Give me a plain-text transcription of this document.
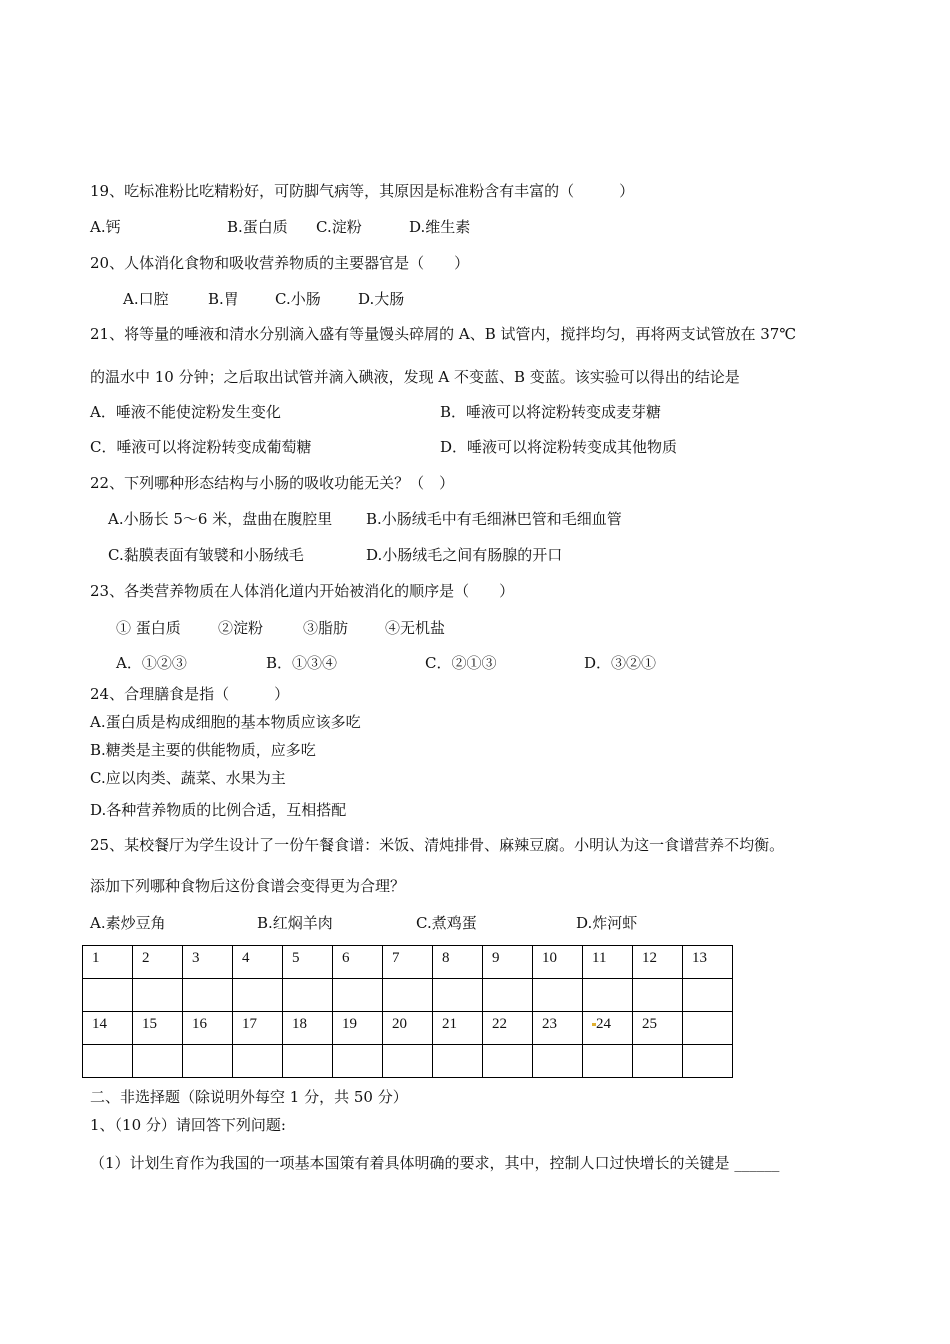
19、吃标准粉比吃精粉好，可防脚气病等，其原因是标准粉含有丰富的（　　　）
A.钙	B.蛋白质 C.淀粉	D.维生素
20、人体消化食物和吸收营养物质的主要器官是（　　）
A.口腔	B.胃 C.小肠 D.大肠
21、将等量的唾液和清水分别滴入盛有等量馒头碎屑的 A、B 试管内，搅拌均匀，再将两支试管放在 37℃
的温水中 10 分钟；之后取出试管并滴入碘液，发现 A 不变蓝、B 变蓝。该实验可以得出的结论是
A．唾液不能使淀粉发生变化	B．唾液可以将淀粉转变成麦芽糖
C．唾液可以将淀粉转变成葡萄糖	D．唾液可以将淀粉转变成其他物质
22、下列哪种形态结构与小肠的吸收功能无关？（　）
A.小肠长 5～6 米，盘曲在腹腔里 B.小肠绒毛中有毛细淋巴管和毛细血管
C.黏膜表面有皱襞和小肠绒毛	D.小肠绒毛之间有肠腺的开口
23、各类营养物质在人体消化道内开始被消化的顺序是（　　）
① 蛋白质 ②淀粉	③脂肪 ④无机盐
A．①②③	B．①③④	C．②①③	D．③②①
24、合理膳食是指（　　　）
A.蛋白质是构成细胞的基本物质应该多吃
B.糖类是主要的供能物质，应多吃
C.应以肉类、蔬菜、水果为主
D.各种营养物质的比例合适，互相搭配
25、某校餐厅为学生设计了一份午餐食谱：米饭、清炖排骨、麻辣豆腐。小明认为这一食谱营养不均衡。
添加下列哪种食物后这份食谱会变得更为合理？
A.素炒豆角	B.红焖羊肉	C.煮鸡蛋	D.炸河虾
1	2	3	4	5	6	7	8	9	10	11	12	13

14	15	16	17	18	19	20	21	22	23	24	25	

二、非选择题（除说明外每空 1 分，共 50 分）
1、（10 分）请回答下列问题:
（1）计划生育作为我国的一项基本国策有着具体明确的要求，其中，控制人口过快增长的关键是 ______
